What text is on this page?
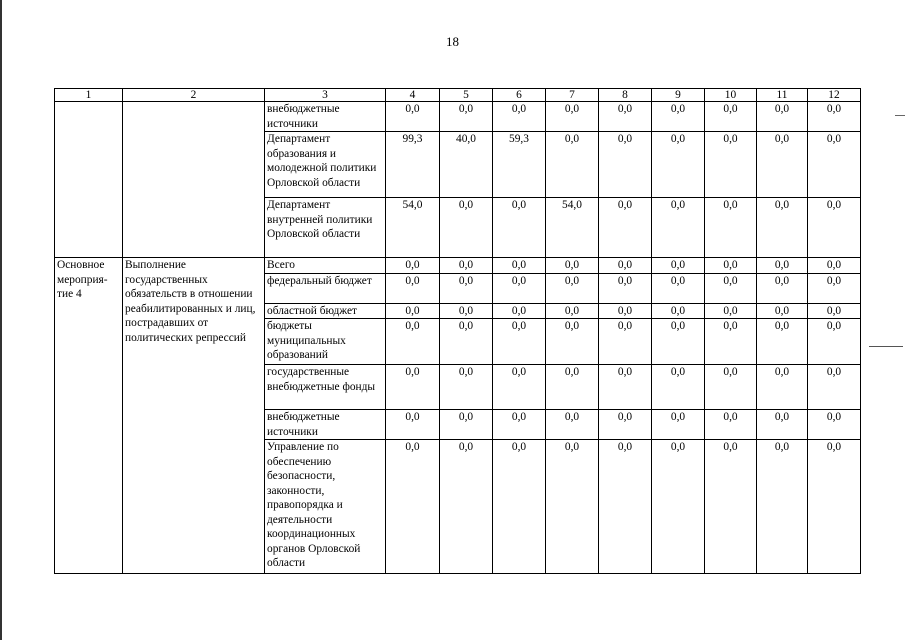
18
1	2	3	4	5	6	7	8	9	10	11	12
		внебюджетные источники	0,0	0,0	0,0	0,0	0,0	0,0	0,0	0,0	0,0
		Департамент образования и молодежной политики Орловской области	99,3	40,0	59,3	0,0	0,0	0,0	0,0	0,0	0,0
		Департамент внутренней политики Орловской области	54,0	0,0	0,0	54,0	0,0	0,0	0,0	0,0	0,0
Основное мероприя-тие 4	Выполнение государственных обязательств в отношении реабилитированных и лиц, пострадавших от политических репрессий	Всего	0,0	0,0	0,0	0,0	0,0	0,0	0,0	0,0	0,0
		федеральный бюджет	0,0	0,0	0,0	0,0	0,0	0,0	0,0	0,0	0,0
		областной бюджет	0,0	0,0	0,0	0,0	0,0	0,0	0,0	0,0	0,0
		бюджеты муниципальных образований	0,0	0,0	0,0	0,0	0,0	0,0	0,0	0,0	0,0
		государственные внебюджетные фонды	0,0	0,0	0,0	0,0	0,0	0,0	0,0	0,0	0,0
		внебюджетные источники	0,0	0,0	0,0	0,0	0,0	0,0	0,0	0,0	0,0
		Управление по обеспечению безопасности, законности, правопорядка и деятельности координационных органов Орловской области	0,0	0,0	0,0	0,0	0,0	0,0	0,0	0,0	0,0
